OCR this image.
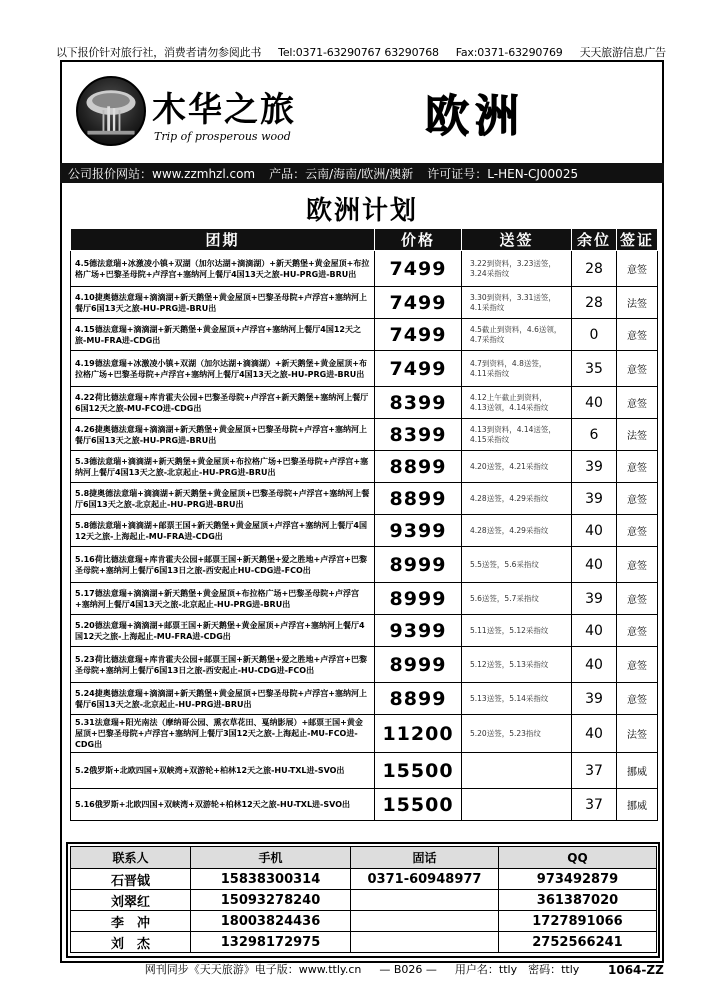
以下报价针对旅行社，消费者请勿参阅此书 Tel:0371-63290767 63290768 Fax:0371-63290769 天天旅游信息广告
木华之旅
Trip of prosperous wood	欧洲
公司报价网站：www.zzmhzl.com 产品：云南/海南/欧洲/澳新 许可证号：L-HEN-CJ00025
欧洲计划
团期	价格	送签	余位	签证
4.5德法意瑞+冰激凌小镇+双湖（加尔达湖+滴滴湖）+新天鹅堡+黄金屋顶+布拉格广场+巴黎圣母院+卢浮宫+塞纳河上餐厅4国13天之旅-HU-PRG进-BRU出	7499	3.22到资料，3.23送签，3.24采指纹	28	意签
4.10捷奥德法意瑞+滴滴湖+新天鹅堡+黄金屋顶+巴黎圣母院+卢浮宫+塞纳河上餐厅6国13天之旅-HU-PRG进-BRU出	7499	3.30到资料，3.31送签，4.1采指纹	28	法签
4.15德法意瑞+滴滴湖+新天鹅堡+黄金屋顶+卢浮宫+塞纳河上餐厅4国12天之旅-MU-FRA进-CDG出	7499	4.5截止到资料，4.6送领，4.7采指纹	0	意签
4.19德法意瑞+冰激凌小镇+双湖（加尔达湖+滴滴湖）+新天鹅堡+黄金屋顶+布拉格广场+巴黎圣母院+卢浮宫+塞纳河上餐厅4国13天之旅-HU-PRG进-BRU出	7499	4.7到资料，4.8送签，4.11采指纹	35	意签
4.22荷比德法意瑞+库肯霍夫公园+巴黎圣母院+卢浮宫+新天鹅堡+塞纳河上餐厅6国12天之旅-MU-FCO进-CDG出	8399	4.12上午截止到资料，4.13送领，4.14采指纹	40	意签
4.26捷奥德法意瑞+滴滴湖+新天鹅堡+黄金屋顶+巴黎圣母院+卢浮宫+塞纳河上餐厅6国13天之旅-HU-PRG进-BRU出	8399	4.13到资料，4.14送签，4.15采指纹	6	法签
5.3德法意瑞+滴滴湖+新天鹅堡+黄金屋顶+布拉格广场+巴黎圣母院+卢浮宫+塞纳河上餐厅4国13天之旅-北京起止-HU-PRG进-BRU出	8899	4.20送签，4.21采指纹	39	意签
5.8捷奥德法意瑞+滴滴湖+新天鹅堡+黄金屋顶+巴黎圣母院+卢浮宫+塞纳河上餐厅6国13天之旅-北京起止-HU-PRG进-BRU出	8899	4.28送签，4.29采指纹	39	意签
5.8德法意瑞+滴滴湖+邮票王国+新天鹅堡+黄金屋顶+卢浮宫+塞纳河上餐厅4国12天之旅-上海起止-MU-FRA进-CDG出	9399	4.28送签，4.29采指纹	40	意签
5.16荷比德法意瑞+库肯霍夫公园+邮票王国+新天鹅堡+爱之胜地+卢浮宫+巴黎圣母院+塞纳河上餐厅6国13日之旅-西安起止HU-CDG进-FCO出	8999	5.5送签，5.6采指纹	40	意签
5.17德法意瑞+滴滴湖+新天鹅堡+黄金屋顶+布拉格广场+巴黎圣母院+卢浮宫+塞纳河上餐厅4国13天之旅-北京起止-HU-PRG进-BRU出	8999	5.6送签，5.7采指纹	39	意签
5.20德法意瑞+滴滴湖+邮票王国+新天鹅堡+黄金屋顶+卢浮宫+塞纳河上餐厅4国12天之旅-上海起止-MU-FRA进-CDG出	9399	5.11送签，5.12采指纹	40	意签
5.23荷比德法意瑞+库肯霍夫公园+邮票王国+新天鹅堡+爱之胜地+卢浮宫+巴黎圣母院+塞纳河上餐厅6国13日之旅-西安起止-HU-CDG进-FCO出	8999	5.12送签，5.13采指纹	40	意签
5.24捷奥德法意瑞+滴滴湖+新天鹅堡+黄金屋顶+巴黎圣母院+卢浮宫+塞纳河上餐厅6国13天之旅-北京起止-HU-PRG进-BRU出	8899	5.13送签，5.14采指纹	39	意签
5.31法意瑞+阳光南法（摩纳哥公园、熏衣草花田、戛纳影展）+邮票王国+黄金屋顶+巴黎圣母院+卢浮宫+塞纳河上餐厅3国12天之旅-上海起止-MU-FCO进-CDG出	11200	5.20送签，5.23指纹	40	法签
5.2俄罗斯+北欧四国+双峡湾+双游轮+柏林12天之旅-HU-TXL进-SVO出	15500		37	挪威
5.16俄罗斯+北欧四国+双峡湾+双游轮+柏林12天之旅-HU-TXL进-SVO出	15500		37	挪威
联系人	手机	固话	QQ
石晋钺	15838300314	0371-60948977	973492879
刘翠红	15093278240		361387020
李　冲	18003824436		1727891066
刘　杰	13298172975		2752566241
网刊同步《天天旅游》电子版：www.ttly.cn — B026 — 用户名：ttly　密码：ttly 1064-ZZ
